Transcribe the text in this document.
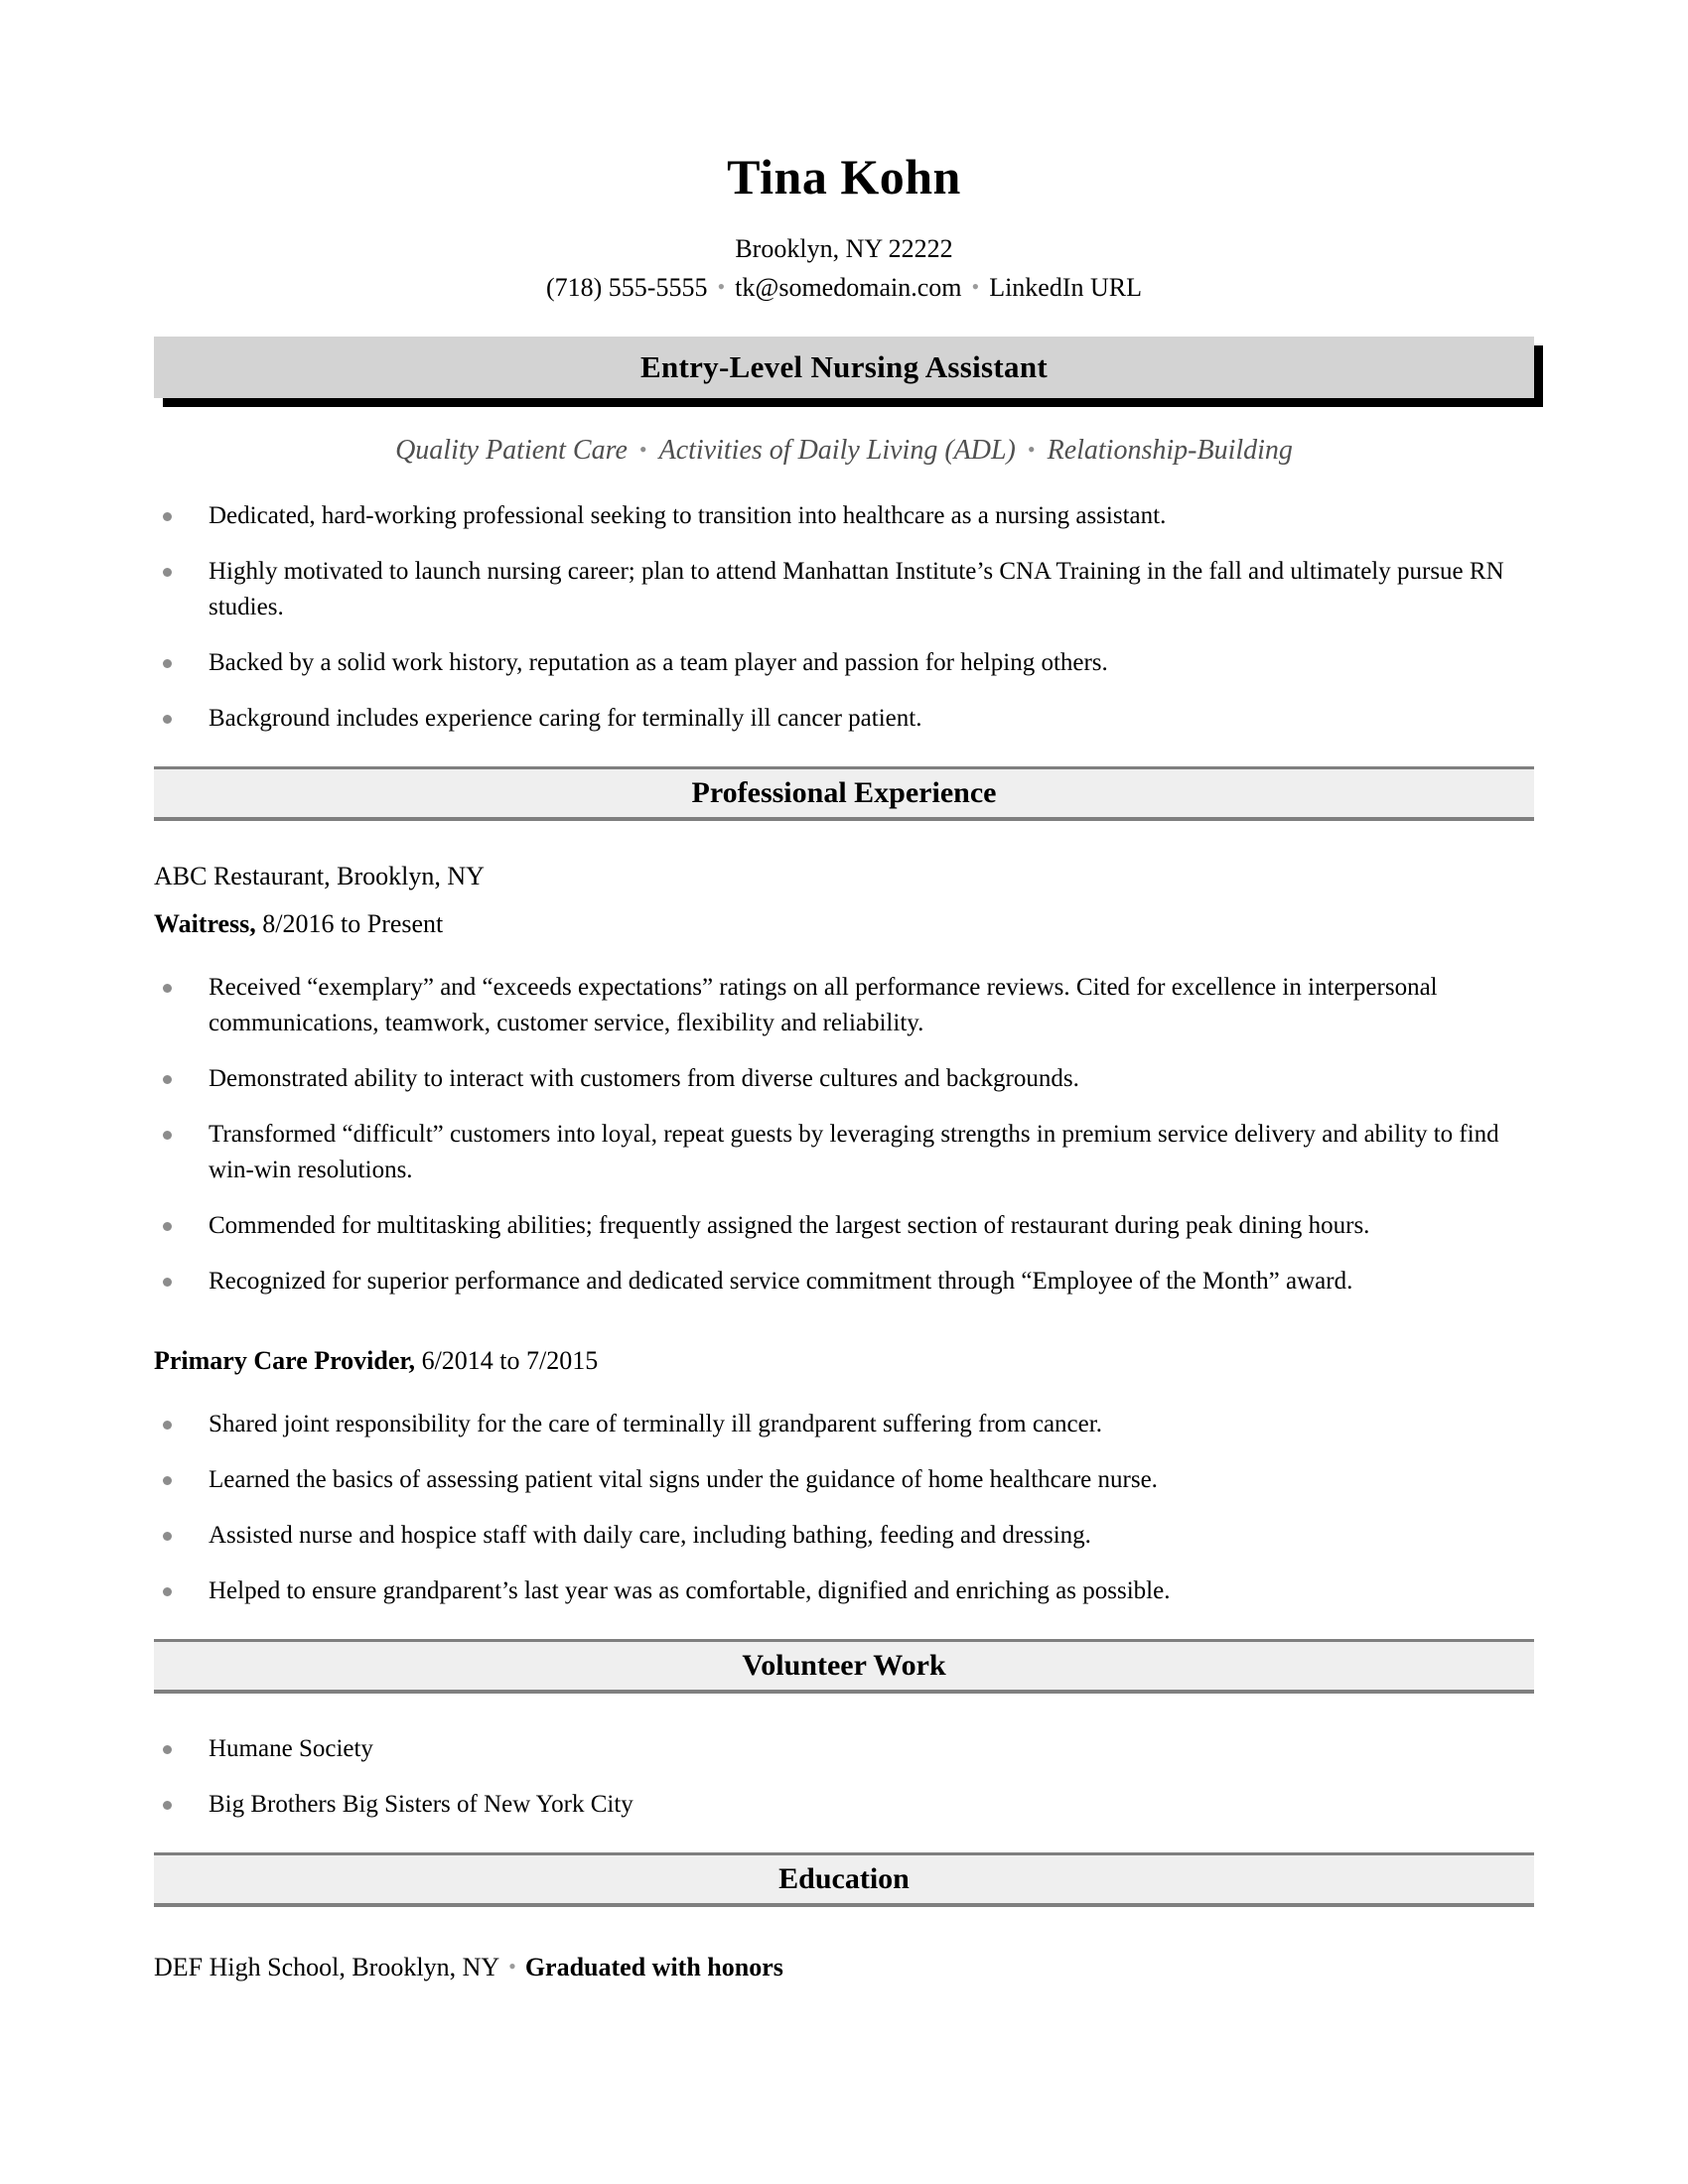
Tina Kohn
Brooklyn, NY 22222
(718) 555-5555 • tk@somedomain.com • LinkedIn URL
Entry-Level Nursing Assistant
Quality Patient Care • Activities of Daily Living (ADL) • Relationship-Building
Dedicated, hard-working professional seeking to transition into healthcare as a nursing assistant.
Highly motivated to launch nursing career; plan to attend Manhattan Institute’s CNA Training in the fall and ultimately pursue RN studies.
Backed by a solid work history, reputation as a team player and passion for helping others.
Background includes experience caring for terminally ill cancer patient.
Professional Experience
ABC Restaurant, Brooklyn, NY
Waitress, 8/2016 to Present
Received “exemplary” and “exceeds expectations” ratings on all performance reviews. Cited for excellence in interpersonal communications, teamwork, customer service, flexibility and reliability.
Demonstrated ability to interact with customers from diverse cultures and backgrounds.
Transformed “difficult” customers into loyal, repeat guests by leveraging strengths in premium service delivery and ability to find win-win resolutions.
Commended for multitasking abilities; frequently assigned the largest section of restaurant during peak dining hours.
Recognized for superior performance and dedicated service commitment through “Employee of the Month” award.
Primary Care Provider, 6/2014 to 7/2015
Shared joint responsibility for the care of terminally ill grandparent suffering from cancer.
Learned the basics of assessing patient vital signs under the guidance of home healthcare nurse.
Assisted nurse and hospice staff with daily care, including bathing, feeding and dressing.
Helped to ensure grandparent’s last year was as comfortable, dignified and enriching as possible.
Volunteer Work
Humane Society
Big Brothers Big Sisters of New York City
Education
DEF High School, Brooklyn, NY • Graduated with honors
